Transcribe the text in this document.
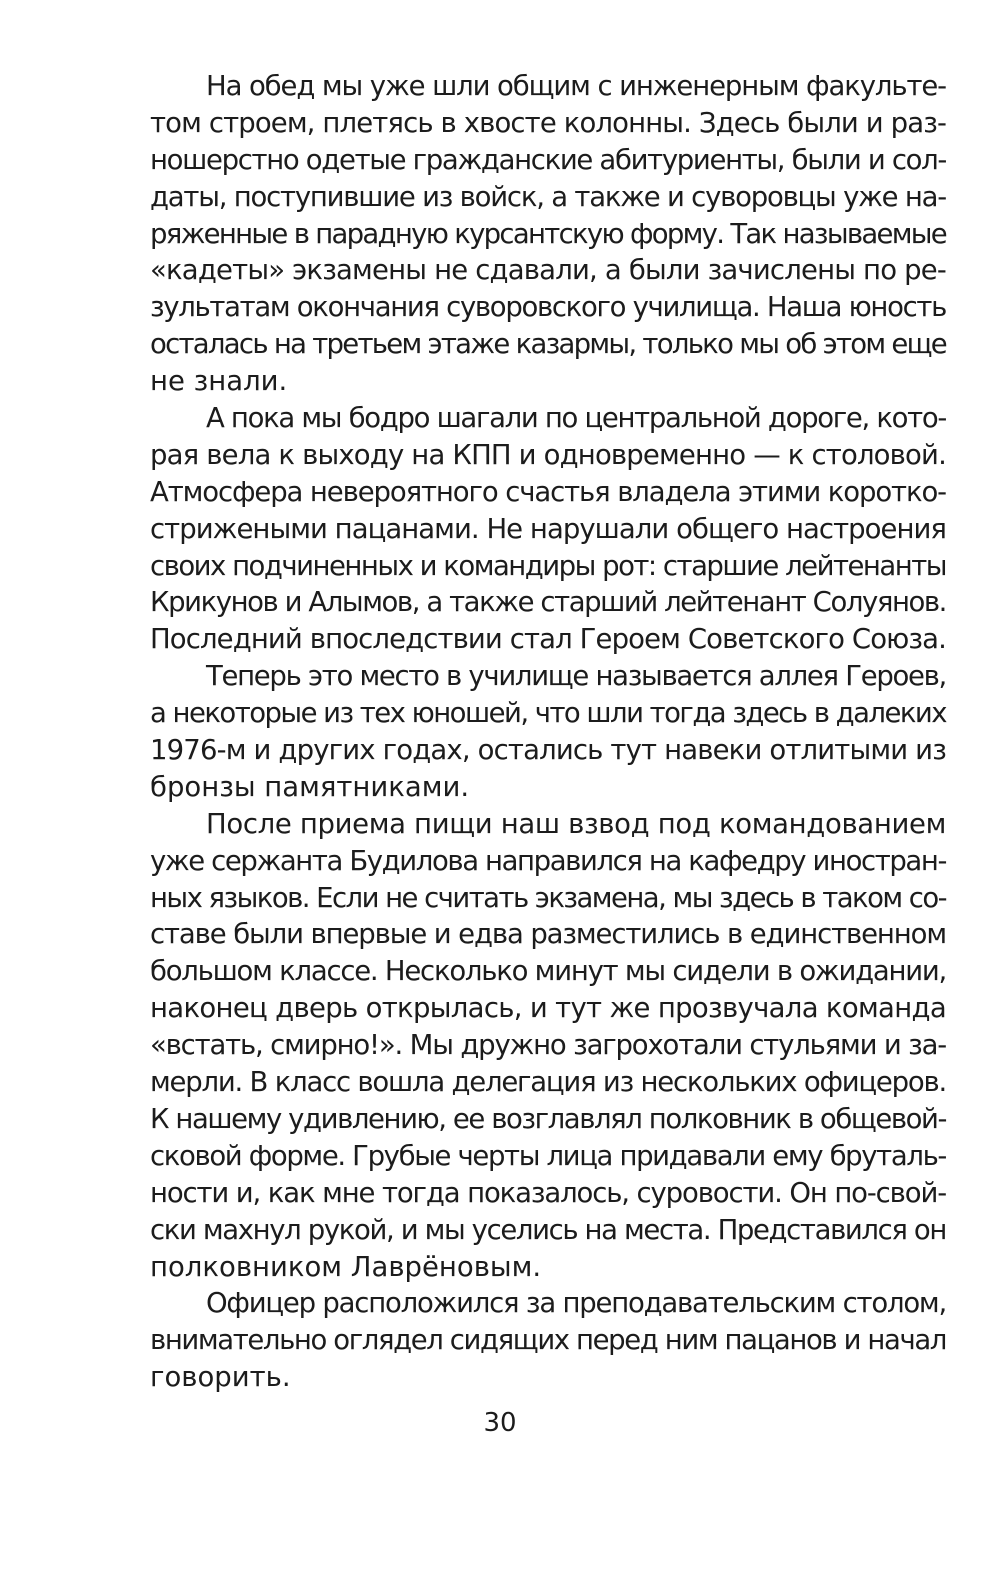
На обед мы уже шли общим с инженерным факульте-
том строем, плетясь в хвосте колонны. Здесь были и раз-
ношерстно одетые гражданские абитуриенты, были и сол-
даты, поступившие из войск, а также и суворовцы уже на-
ряженные в парадную курсантскую форму. Так называемые
«кадеты» экзамены не сдавали, а были зачислены по ре-
зультатам окончания суворовского училища. Наша юность
осталась на третьем этаже казармы, только мы об этом еще
не знали.
А пока мы бодро шагали по центральной дороге, кото-
рая вела к выходу на КПП и одновременно — к столовой.
Атмосфера невероятного счастья владела этими коротко-
стрижеными пацанами. Не нарушали общего настроения
своих подчиненных и командиры рот: старшие лейтенанты
Крикунов и Алымов, а также старший лейтенант Солуянов.
Последний впоследствии стал Героем Советского Союза.
Теперь это место в училище называется аллея Героев,
а некоторые из тех юношей, что шли тогда здесь в далеких
1976-м и других годах, остались тут навеки отлитыми из
бронзы памятниками.
После приема пищи наш взвод под командованием
уже сержанта Будилова направился на кафедру иностран-
ных языков. Если не считать экзамена, мы здесь в таком со-
ставе были впервые и едва разместились в единственном
большом классе. Несколько минут мы сидели в ожидании,
наконец дверь открылась, и тут же прозвучала команда
«встать, смирно!». Мы дружно загрохотали стульями и за-
мерли. В класс вошла делегация из нескольких офицеров.
К нашему удивлению, ее возглавлял полковник в общевой-
сковой форме. Грубые черты лица придавали ему бруталь-
ности и, как мне тогда показалось, суровости. Он по-свой-
ски махнул рукой, и мы уселись на места. Представился он
полковником Лаврёновым.
Офицер расположился за преподавательским столом,
внимательно оглядел сидящих перед ним пацанов и начал
говорить.
30
